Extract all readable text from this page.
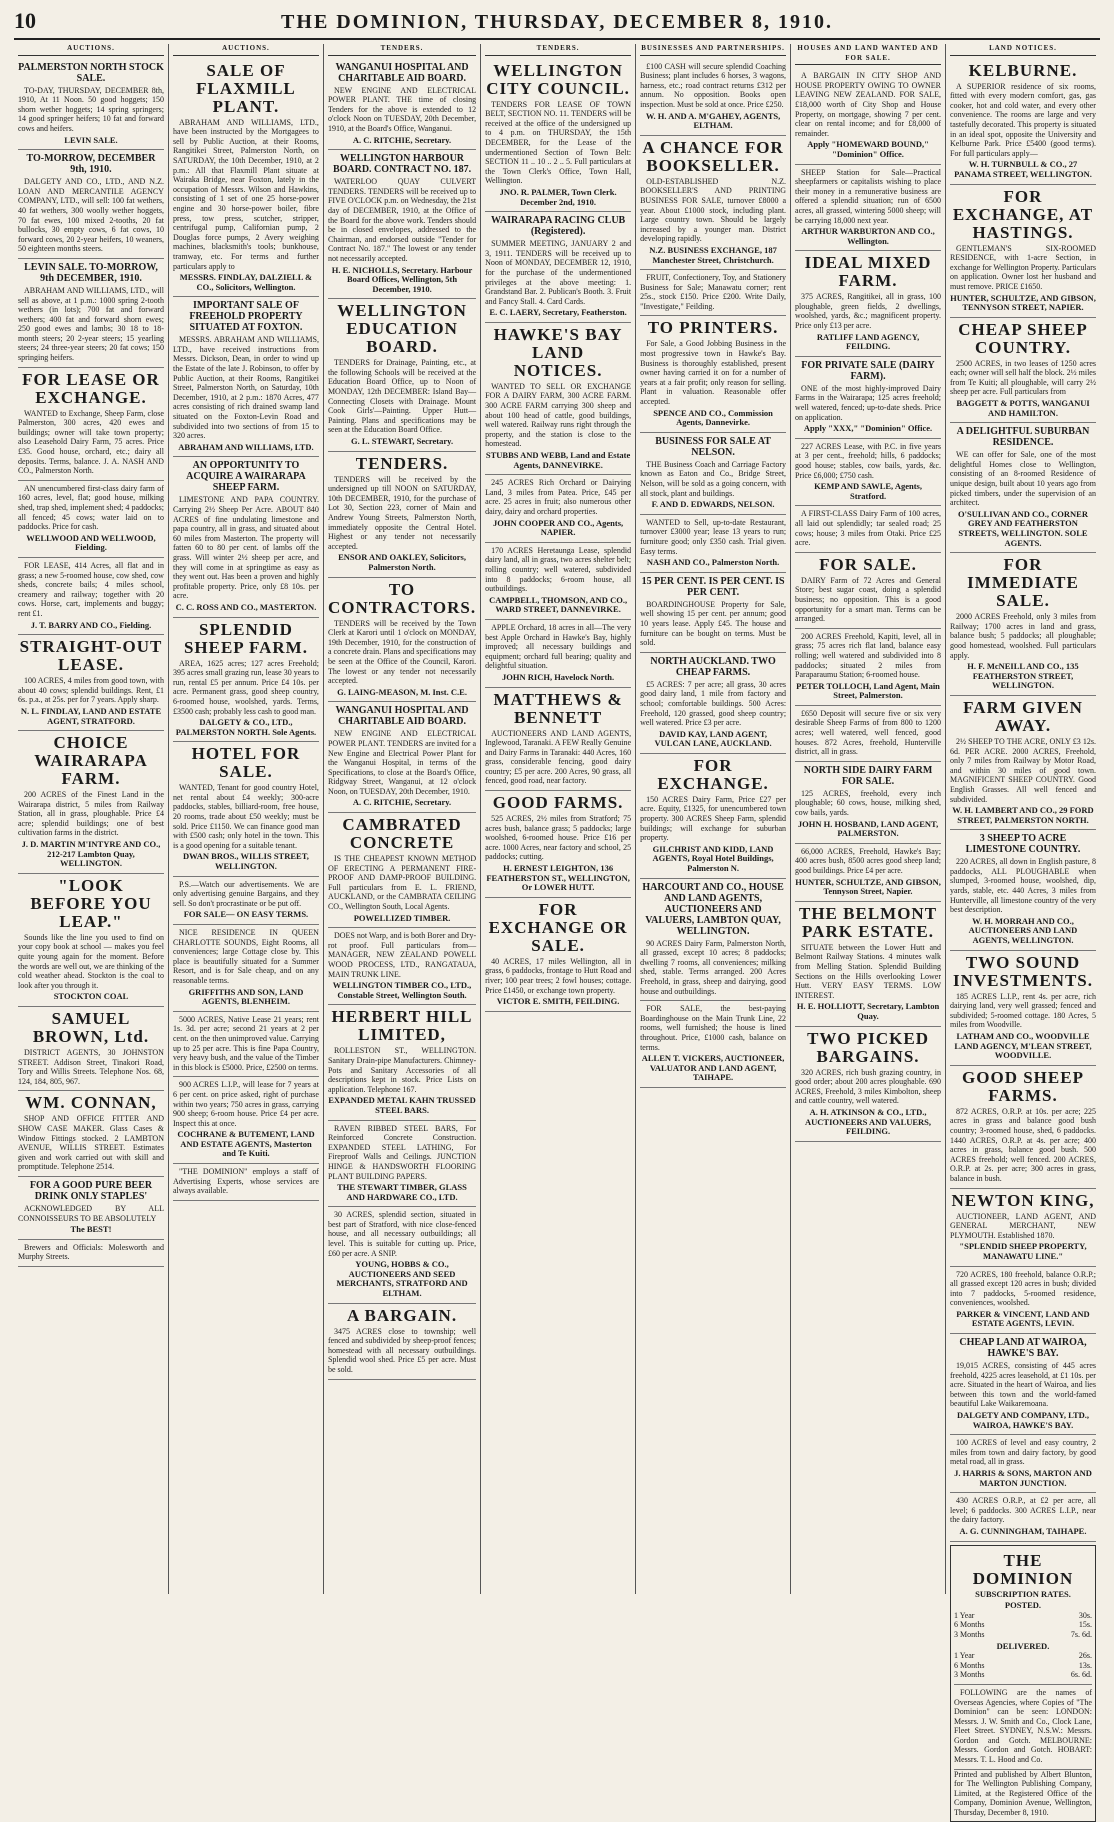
10	THE DOMINION, THURSDAY, DECEMBER 8, 1910.
AUCTIONS.
PALMERSTON NORTH STOCK SALE.
TO-DAY, THURSDAY, DECEMBER 8th, 1910, At 11 Noon. 50 good hoggets; 150 shorn wether hoggets; 14 spring springers; 14 good springer heifers; 10 fat and forward cows and heifers.
LEVIN SALE.
TO-MORROW, DECEMBER 9th, 1910.
DALGETY AND CO., LTD., AND N.Z. LOAN AND MERCANTILE AGENCY COMPANY, LTD., will sell: 100 fat wethers, 40 fat wethers, 300 woolly wether hoggets, 70 fat ewes, 100 mixed 2-tooths, 20 fat bullocks, 30 empty cows, 6 fat cows, 10 forward cows, 20 2-year heifers, 10 weaners, 50 eighteen months steers.
LEVIN SALE. TO-MORROW, 9th DECEMBER, 1910.
ABRAHAM AND WILLIAMS, LTD., will sell as above, at 1 p.m.: 1000 spring 2-tooth wethers (in lots); 700 fat and forward wethers; 400 fat and forward shorn ewes; 250 good ewes and lambs; 30 18 to 18-month steers; 20 2-year steers; 15 yearling steers; 24 three-year steers; 20 fat cows; 150 springing heifers.
FOR LEASE OR EXCHANGE.
WANTED to Exchange, Sheep Farm, close Palmerston, 300 acres, 420 ewes and buildings; owner will take town property; also Leasehold Dairy Farm, 75 acres. Price £35. Good house, orchard, etc.; dairy all deposits. Terms, balance. J. A. NASH AND CO., Palmerston North.
AN unencumbered first-class dairy farm of 160 acres, level, flat; good house, milking shed, trap shed, implement shed; 4 paddocks; all fenced; 45 cows; water laid on to paddocks. Price for cash.
WELLWOOD AND WELLWOOD, Fielding.
FOR LEASE, 414 Acres, all flat and in grass; a new 5-roomed house, cow shed, cow sheds, concrete bails; 4 miles school, creamery and railway; together with 20 cows. Horse, cart, implements and buggy; rent £1.
J. T. BARRY AND CO., Fielding.
STRAIGHT-OUT LEASE.
100 ACRES, 4 miles from good town, with about 40 cows; splendid buildings. Rent, £1 6s. p.a., at 25s. per for 7 years. Apply sharp.
N. L. FINDLAY, LAND AND ESTATE AGENT, STRATFORD.
CHOICE WAIRARAPA FARM.
200 ACRES of the Finest Land in the Wairarapa district, 5 miles from Railway Station, all in grass, ploughable. Price £4 acre; splendid buildings; one of best cultivation farms in the district.
J. D. MARTIN M'INTYRE AND CO., 212-217 Lambton Quay, WELLINGTON.
"LOOK BEFORE YOU LEAP."
Sounds like the line you used to find on your copy book at school — makes you feel quite young again for the moment. Before the words are well out, we are thinking of the cold weather ahead. Stockton is the coal to look after you through it.
STOCKTON COAL
SAMUEL BROWN, Ltd.
DISTRICT AGENTS, 30 JOHNSTON STREET. Addison Street, Tinakori Road, Tory and Willis Streets. Telephone Nos. 68, 124, 184, 805, 967.
WM. CONNAN,
SHOP AND OFFICE FITTER AND SHOW CASE MAKER. Glass Cases & Window Fittings stocked. 2 LAMBTON AVENUE, WILLIS STREET. Estimates given and work carried out with skill and promptitude. Telephone 2514.
FOR A GOOD PURE BEER DRINK ONLY STAPLES'
ACKNOWLEDGED BY ALL CONNOISSEURS TO BE ABSOLUTELY
The BEST!
Brewers and Officials: Molesworth and Murphy Streets.
AUCTIONS.
SALE OF FLAXMILL PLANT.
ABRAHAM AND WILLIAMS, LTD., have been instructed by the Mortgagees to sell by Public Auction, at their Rooms, Rangitikei Street, Palmerston North, on SATURDAY, the 10th December, 1910, at 2 p.m.: All that Flaxmill Plant situate at Wairaka Bridge, near Foxton, lately in the occupation of Messrs. Wilson and Hawkins, consisting of 1 set of one 25 horse-power engine and 30 horse-power boiler, fibre press, tow press, scutcher, stripper, centrifugal pump, Californian pump, 2 Douglas force pumps, 2 Avery weighing machines, blacksmith's tools; bunkhouse, tramway, etc. For terms and further particulars apply to
MESSRS. FINDLAY, DALZIELL & CO., Solicitors, Wellington.
IMPORTANT SALE OF FREEHOLD PROPERTY SITUATED AT FOXTON.
MESSRS. ABRAHAM AND WILLIAMS, LTD., have received instructions from Messrs. Dickson, Dean, in order to wind up the Estate of the late J. Robinson, to offer by Public Auction, at their Rooms, Rangitikei Street, Palmerston North, on Saturday, 10th December, 1910, at 2 p.m.: 1870 Acres, 477 acres consisting of rich drained swamp land situated on the Foxton-Levin Road and subdivided into two sections of from 15 to 320 acres.
ABRAHAM AND WILLIAMS, LTD.
AN OPPORTUNITY TO ACQUIRE A WAIRARAPA SHEEP FARM.
LIMESTONE AND PAPA COUNTRY. Carrying 2½ Sheep Per Acre. ABOUT 840 ACRES of fine undulating limestone and papa country, all in grass, and situated about 60 miles from Masterton. The property will fatten 60 to 80 per cent. of lambs off the grass. Will winter 2½ sheep per acre, and they will come in at springtime as easy as they went out. Has been a proven and highly profitable property. Price, only £8 10s. per acre.
C. C. ROSS AND CO., MASTERTON.
SPLENDID SHEEP FARM.
AREA, 1625 acres; 127 acres Freehold; 395 acres small grazing run, lease 30 years to run, rental £5 per annum. Price £4 10s. per acre. Permanent grass, good sheep country, 6-roomed house, woolshed, yards. Terms, £3500 cash; probably less cash to good man.
DALGETY & CO., LTD., PALMERSTON NORTH. Sole Agents.
HOTEL FOR SALE.
WANTED, Tenant for good country Hotel, net rental about £4 weekly; 300-acre paddocks, stables, billiard-room, free house, 20 rooms, trade about £50 weekly; must be sold. Price £1150. We can finance good man with £500 cash; only hotel in the town. This is a good opening for a suitable tenant.
DWAN BROS., WILLIS STREET, WELLINGTON.
P.S.—Watch our advertisements. We are only advertising genuine Bargains, and they sell. So don't procrastinate or be put off.
FOR SALE— ON EASY TERMS.
NICE RESIDENCE IN QUEEN CHARLOTTE SOUNDS, Eight Rooms, all conveniences; large Cottage close by. This place is beautifully situated for a Summer Resort, and is for Sale cheap, and on any reasonable terms.
GRIFFITHS AND SON, LAND AGENTS, BLENHEIM.
5000 ACRES, Native Lease 21 years; rent 1s. 3d. per acre; second 21 years at 2 per cent. on the then unimproved value. Carrying up to 25 per acre. This is fine Papa Country, very heavy bush, and the value of the Timber in this block is £5000. Price, £2500 on terms.
900 ACRES L.I.P., will lease for 7 years at 6 per cent. on price asked, right of purchase within two years; 750 acres in grass, carrying 900 sheep; 6-room house. Price £4 per acre. Inspect this at once.
COCHRANE & BUTEMENT, LAND AND ESTATE AGENTS, Masterton and Te Kuiti.
"THE DOMINION" employs a staff of Advertising Experts, whose services are always available.
TENDERS.
WANGANUI HOSPITAL AND CHARITABLE AID BOARD.
NEW ENGINE AND ELECTRICAL POWER PLANT. THE time of closing Tenders for the above is extended to 12 o'clock Noon on TUESDAY, 20th December, 1910, at the Board's Office, Wanganui.
A. C. RITCHIE, Secretary.
WELLINGTON HARBOUR BOARD. CONTRACT NO. 187.
WATERLOO QUAY CULVERT TENDERS. TENDERS will be received up to FIVE O'CLOCK p.m. on Wednesday, the 21st day of DECEMBER, 1910, at the Office of the Board for the above work. Tenders should be in closed envelopes, addressed to the Chairman, and endorsed outside "Tender for Contract No. 187." The lowest or any tender not necessarily accepted.
H. E. NICHOLLS, Secretary. Harbour Board Offices, Wellington, 5th December, 1910.
WELLINGTON EDUCATION BOARD.
TENDERS for Drainage, Painting, etc., at the following Schools will be received at the Education Board Office, up to Noon of MONDAY, 12th DECEMBER: Island Bay—Connecting Closets with Drainage. Mount Cook Girls'—Painting. Upper Hutt—Painting. Plans and specifications may be seen at the Education Board Office.
G. L. STEWART, Secretary.
TENDERS.
TENDERS will be received by the undersigned up till NOON on SATURDAY, 10th DECEMBER, 1910, for the purchase of Lot 30, Section 223, corner of Main and Andrew Young Streets, Palmerston North, immediately opposite the Central Hotel. Highest or any tender not necessarily accepted.
ENSOR AND OAKLEY, Solicitors, Palmerston North.
TO CONTRACTORS.
TENDERS will be received by the Town Clerk at Karori until 1 o'clock on MONDAY, 19th December, 1910, for the construction of a concrete drain. Plans and specifications may be seen at the Office of the Council, Karori. The lowest or any tender not necessarily accepted.
G. LAING-MEASON, M. Inst. C.E.
WANGANUI HOSPITAL AND CHARITABLE AID BOARD.
NEW ENGINE AND ELECTRICAL POWER PLANT. TENDERS are invited for a New Engine and Electrical Power Plant for the Wanganui Hospital, in terms of the Specifications, to close at the Board's Office, Ridgway Street, Wanganui, at 12 o'clock Noon, on TUESDAY, 20th December, 1910.
A. C. RITCHIE, Secretary.
CAMBRATED CONCRETE
IS THE CHEAPEST KNOWN METHOD OF ERECTING A PERMANENT FIRE-PROOF AND DAMP-PROOF BUILDING. Full particulars from E. L. FRIEND, AUCKLAND, or the CAMBRATA CEILING CO., Wellington South, Local Agents.
POWELLIZED TIMBER.
DOES not Warp, and is both Borer and Dry-rot proof. Full particulars from— MANAGER, NEW ZEALAND POWELL WOOD PROCESS, LTD., RANGATAUA, MAIN TRUNK LINE.
WELLINGTON TIMBER CO., LTD., Constable Street, Wellington South.
HERBERT HILL LIMITED,
ROLLESTON ST., WELLINGTON. Sanitary Drain-pipe Manufacturers. Chimney-Pots and Sanitary Accessories of all descriptions kept in stock. Price Lists on application. Telephone 167.
EXPANDED METAL KAHN TRUSSED STEEL BARS.
RAVEN RIBBED STEEL BARS, For Reinforced Concrete Construction. EXPANDED STEEL LATHING, For Fireproof Walls and Ceilings. JUNCTION HINGE & HANDSWORTH FLOORING PLANT BUILDING PAPERS.
THE STEWART TIMBER, GLASS AND HARDWARE CO., LTD.
30 ACRES, splendid section, situated in best part of Stratford, with nice close-fenced house, and all necessary outbuildings; all level. This is suitable for cutting up. Price, £60 per acre. A SNIP.
YOUNG, HOBBS & CO., AUCTIONEERS AND SEED MERCHANTS, STRATFORD AND ELTHAM.
A BARGAIN.
3475 ACRES close to township; well fenced and subdivided by sheep-proof fences; homestead with all necessary outbuildings. Splendid wool shed. Price £5 per acre. Must be sold.
TENDERS.
WELLINGTON CITY COUNCIL.
TENDERS FOR LEASE OF TOWN BELT, SECTION NO. 11. TENDERS will be received at the office of the undersigned up to 4 p.m. on THURSDAY, the 15th DECEMBER, for the Lease of the undermentioned Section of Town Belt: SECTION 11 .. 10 .. 2 .. 5. Full particulars at the Town Clerk's Office, Town Hall, Wellington.
JNO. R. PALMER, Town Clerk. December 2nd, 1910.
WAIRARAPA RACING CLUB (Registered).
SUMMER MEETING, JANUARY 2 and 3, 1911. TENDERS will be received up to Noon of MONDAY, DECEMBER 12, 1910, for the purchase of the undermentioned privileges at the above meeting: 1. Grandstand Bar. 2. Publican's Booth. 3. Fruit and Fancy Stall. 4. Card Cards.
E. C. LAERY, Secretary, Featherston.
HAWKE'S BAY LAND NOTICES.
WANTED TO SELL OR EXCHANGE FOR A DAIRY FARM, 300 ACRE FARM. 300 ACRE FARM carrying 300 sheep and about 100 head of cattle, good buildings, well watered. Railway runs right through the property, and the station is close to the homestead.
STUBBS AND WEBB, Land and Estate Agents, DANNEVIRKE.
245 ACRES Rich Orchard or Dairying Land, 3 miles from Patea. Price, £45 per acre. 25 acres in fruit; also numerous other dairy, dairy and orchard properties.
JOHN COOPER AND CO., Agents, NAPIER.
170 ACRES Heretaunga Lease, splendid dairy land, all in grass, two acres shelter belt; rolling country; well watered, subdivided into 8 paddocks; 6-room house, all outbuildings.
CAMPBELL, THOMSON, AND CO., WARD STREET, DANNEVIRKE.
APPLE Orchard, 18 acres in all—The very best Apple Orchard in Hawke's Bay, highly improved; all necessary buildings and equipment; orchard full bearing; quality and delightful situation.
JOHN RICH, Havelock North.
MATTHEWS & BENNETT
AUCTIONEERS AND LAND AGENTS, Inglewood, Taranaki. A FEW Really Genuine and Dairy Farms in Taranaki: 440 Acres, 160 grass, considerable fencing, good dairy country; £5 per acre. 200 Acres, 90 grass, all fenced, good road, near factory.
GOOD FARMS.
525 ACRES, 2½ miles from Stratford; 75 acres bush, balance grass; 5 paddocks; large woolshed, 6-roomed house. Price £16 per acre. 1000 Acres, near factory and school, 25 paddocks; cutting.
H. ERNEST LEIGHTON, 136 FEATHERSTON ST., WELLINGTON, Or LOWER HUTT.
FOR EXCHANGE OR SALE.
40 ACRES, 17 miles Wellington, all in grass, 6 paddocks, frontage to Hutt Road and river; 100 pear trees; 2 fowl houses; cottage. Price £1450, or exchange town property.
VICTOR E. SMITH, FEILDING.
BUSINESSES AND PARTNERSHIPS.
£100 CASH will secure splendid Coaching Business; plant includes 6 horses, 3 wagons, harness, etc.; road contract returns £312 per annum. No opposition. Books open inspection. Must be sold at once. Price £250.
W. H. AND A. M'GAHEY, AGENTS, ELTHAM.
A CHANCE FOR BOOKSELLER.
OLD-ESTABLISHED N.Z. BOOKSELLER'S AND PRINTING BUSINESS FOR SALE, turnover £8000 a year. About £1000 stock, including plant. Large country town. Should be largely increased by a younger man. District developing rapidly.
N.Z. BUSINESS EXCHANGE, 187 Manchester Street, Christchurch.
FRUIT, Confectionery, Toy, and Stationery Business for Sale; Manawatu corner; rent 25s., stock £150. Price £200. Write Daily, "Investigate," Feilding.
TO PRINTERS.
For Sale, a Good Jobbing Business in the most progressive town in Hawke's Bay. Business is thoroughly established, present owner having carried it on for a number of years at a fair profit; only reason for selling. Plant in valuation. Reasonable offer accepted.
SPENCE AND CO., Commission Agents, Dannevirke.
BUSINESS FOR SALE AT NELSON.
THE Business Coach and Carriage Factory known as Eaton and Co., Bridge Street, Nelson, will be sold as a going concern, with all stock, plant and buildings.
F. AND D. EDWARDS, NELSON.
WANTED to Sell, up-to-date Restaurant, turnover £3000 year; lease 13 years to run; furniture good; only £350 cash. Trial given. Easy terms.
NASH AND CO., Palmerston North.
15 PER CENT. IS PER CENT. IS PER CENT.
BOARDINGHOUSE Property for Sale, well showing 15 per cent. per annum; good 10 years lease. Apply £45. The house and furniture can be bought on terms. Must be sold.
NORTH AUCKLAND. TWO CHEAP FARMS.
£5 ACRES: 7 per acre; all grass, 30 acres good dairy land, 1 mile from factory and school; comfortable buildings. 500 Acres: Freehold, 120 grassed, good sheep country; well watered. Price £3 per acre.
DAVID KAY, LAND AGENT, VULCAN LANE, AUCKLAND.
FOR EXCHANGE.
150 ACRES Dairy Farm, Price £27 per acre. Equity, £1325, for unencumbered town property. 300 ACRES Sheep Farm, splendid buildings; will exchange for suburban property.
GILCHRIST AND KIDD, LAND AGENTS, Royal Hotel Buildings, Palmerston N.
HARCOURT AND CO., HOUSE AND LAND AGENTS, AUCTIONEERS AND VALUERS, LAMBTON QUAY, WELLINGTON.
90 ACRES Dairy Farm, Palmerston North, all grassed, except 10 acres; 8 paddocks; dwelling 7 rooms, all conveniences; milking shed, stable. Terms arranged. 200 Acres Freehold, in grass, sheep and dairying, good house and outbuildings.
FOR SALE, the best-paying Boardinghouse on the Main Trunk Line, 22 rooms, well furnished; the house is lined throughout. Price, £1000 cash, balance on terms.
ALLEN T. VICKERS, AUCTIONEER, VALUATOR AND LAND AGENT, TAIHAPE.
HOUSES AND LAND WANTED AND FOR SALE.
A BARGAIN IN CITY SHOP AND HOUSE PROPERTY OWING TO OWNER LEAVING NEW ZEALAND. FOR SALE, £18,000 worth of City Shop and House Property, on mortgage, showing 7 per cent. clear on rental income; and for £8,000 of remainder.
Apply "HOMEWARD BOUND," "Dominion" Office.
SHEEP Station for Sale—Practical sheepfarmers or capitalists wishing to place their money in a remunerative business are offered a splendid situation; run of 6500 acres, all grassed, wintering 5000 sheep; will be carrying 18,000 next year.
ARTHUR WARBURTON AND CO., Wellington.
IDEAL MIXED FARM.
375 ACRES, Rangitikei, all in grass, 100 ploughable, green fields, 2 dwellings, woolshed, yards, &c.; magnificent property. Price only £13 per acre.
RATLIFF LAND AGENCY, FEILDING.
FOR PRIVATE SALE (DAIRY FARM).
ONE of the most highly-improved Dairy Farms in the Wairarapa; 125 acres freehold; well watered, fenced; up-to-date sheds. Price on application.
Apply "XXX," "Dominion" Office.
227 ACRES Lease, with P.C. in five years at 3 per cent., freehold; hills, 6 paddocks; good house; stables, cow bails, yards, &c. Price £6,000; £750 cash.
KEMP AND SAWLE, Agents, Stratford.
A FIRST-CLASS Dairy Farm of 100 acres, all laid out splendidly; tar sealed road; 25 cows; house; 3 miles from Otaki. Price £25 acre.
FOR SALE.
DAIRY Farm of 72 Acres and General Store; best sugar coast, doing a splendid business; no opposition. This is a good opportunity for a smart man. Terms can be arranged.
200 ACRES Freehold, Kapiti, level, all in grass; 75 acres rich flat land, balance easy rolling; well watered and subdivided into 8 paddocks; situated 2 miles from Paraparaumu Station; 6-roomed house.
PETER TOLLOCH, Land Agent, Main Street, Palmerston.
£650 Deposit will secure five or six very desirable Sheep Farms of from 800 to 1200 acres; well watered, well fenced, good houses. 872 Acres, freehold, Hunterville district, all in grass.
NORTH SIDE DAIRY FARM FOR SALE.
125 ACRES, freehold, every inch ploughable; 60 cows, house, milking shed, cow bails, yards.
JOHN H. HOSBAND, LAND AGENT, PALMERSTON.
66,000 ACRES, Freehold, Hawke's Bay; 400 acres bush, 8500 acres good sheep land; good buildings. Price £4 per acre.
HUNTER, SCHULTZE, AND GIBSON, Tennyson Street, Napier.
THE BELMONT PARK ESTATE.
SITUATE between the Lower Hutt and Belmont Railway Stations. 4 minutes walk from Melling Station. Splendid Building Sections on the Hills overlooking Lower Hutt. VERY EASY TERMS. LOW INTEREST.
H. E. HOLLIOTT, Secretary, Lambton Quay.
TWO PICKED BARGAINS.
320 ACRES, rich bush grazing country, in good order; about 200 acres ploughable. 690 ACRES, Freehold, 3 miles Kimbolton, sheep and cattle country, well watered.
A. H. ATKINSON & CO., LTD., AUCTIONEERS AND VALUERS, FEILDING.
LAND NOTICES.
KELBURNE.
A SUPERIOR residence of six rooms, fitted with every modern comfort, gas, gas cooker, hot and cold water, and every other convenience. The rooms are large and very tastefully decorated. This property is situated in an ideal spot, opposite the University and Kelburne Park. Price £5400 (good terms). For full particulars apply—
W. H. TURNBULL & CO., 27 PANAMA STREET, WELLINGTON.
FOR EXCHANGE, AT HASTINGS.
GENTLEMAN'S SIX-ROOMED RESIDENCE, with 1-acre Section, in exchange for Wellington Property. Particulars on application. Owner lost her husband and must remove. PRICE £1650.
HUNTER, SCHULTZE, AND GIBSON, TENNYSON STREET, NAPIER.
CHEAP SHEEP COUNTRY.
2500 ACRES, in two leases of 1250 acres each; owner will sell half the block. 2½ miles from Te Kuiti; all ploughable, will carry 2½ sheep per acre. Full particulars from
BAGGETT & POTTS, WANGANUI AND HAMILTON.
A DELIGHTFUL SUBURBAN RESIDENCE.
WE can offer for Sale, one of the most delightful Homes close to Wellington, consisting of an 8-roomed Residence of unique design, built about 10 years ago from picked timbers, under the supervision of an architect.
O'SULLIVAN AND CO., CORNER GREY AND FEATHERSTON STREETS, WELLINGTON. SOLE AGENTS.
FOR IMMEDIATE SALE.
2000 ACRES Freehold, only 3 miles from Railway; 1700 acres in land and grass, balance bush; 5 paddocks; all ploughable; good homestead, woolshed. Full particulars apply.
H. F. McNEILL AND CO., 135 FEATHERSTON STREET, WELLINGTON.
FARM GIVEN AWAY.
2½ SHEEP TO THE ACRE, ONLY £3 12s. 6d. PER ACRE. 2000 ACRES, Freehold, only 7 miles from Railway by Motor Road, and within 30 miles of good town. MAGNIFICENT SHEEP COUNTRY. Good English Grasses. All well fenced and subdivided.
W. H. LAMBERT AND CO., 29 FORD STREET, PALMERSTON NORTH.
3 SHEEP TO ACRE LIMESTONE COUNTRY.
220 ACRES, all down in English pasture, 8 paddocks, ALL PLOUGHABLE when slumped, 3-roomed house, woolshed, dip, yards, stable, etc. 440 Acres, 3 miles from Hunterville, all limestone country of the very best description.
W. H. MORRAH AND CO., AUCTIONEERS AND LAND AGENTS, WELLINGTON.
TWO SOUND INVESTMENTS.
185 ACRES L.I.P., rent 4s. per acre, rich dairying land, very well grassed; fenced and subdivided; 5-roomed cottage. 180 Acres, 5 miles from Woodville.
LATHAM AND CO., WOODVILLE LAND AGENCY, M'LEAN STREET, WOODVILLE.
GOOD SHEEP FARMS.
872 ACRES, O.R.P. at 10s. per acre; 225 acres in grass and balance good bush country; 3-roomed house, shed, 6 paddocks. 1440 ACRES, O.R.P. at 4s. per acre; 400 acres in grass, balance good bush. 500 ACRES freehold; well fenced. 200 ACRES, O.R.P. at 2s. per acre; 300 acres in grass, balance in bush.
NEWTON KING,
AUCTIONEER, LAND AGENT, AND GENERAL MERCHANT, NEW PLYMOUTH. Established 1870.
"SPLENDID SHEEP PROPERTY, MANAWATU LINE."
720 ACRES, 180 freehold, balance O.R.P.; all grassed except 120 acres in bush; divided into 7 paddocks, 5-roomed residence, conveniences, woolshed.
PARKER & VINCENT, LAND AND ESTATE AGENTS, LEVIN.
CHEAP LAND AT WAIROA, HAWKE'S BAY.
19,015 ACRES, consisting of 445 acres freehold, 4225 acres leasehold, at £1 10s. per acre. Situated in the heart of Wairoa, and lies between this town and the world-famed beautiful Lake Waikaremoana.
DALGETY AND COMPANY, LTD., WAIROA, HAWKE'S BAY.
100 ACRES of level and easy country, 2 miles from town and dairy factory, by good metal road, all in grass.
J. HARRIS & SONS, MARTON AND MARTON JUNCTION.
430 ACRES O.R.P., at £2 per acre, all level; 6 paddocks. 300 ACRES L.I.P., near the dairy factory.
A. G. CUNNINGHAM, TAIHAPE.
THE DOMINION
SUBSCRIPTION RATES.
POSTED.
1 Year	30s.
6 Months	15s.
3 Months	7s. 6d.
DELIVERED.
1 Year	26s.
6 Months	13s.
3 Months	6s. 6d.
FOLLOWING are the names of Overseas Agencies, where Copies of "The Dominion" can be seen: LONDON: Messrs. J. W. Smith and Co., Clock Lane, Fleet Street. SYDNEY, N.S.W.: Messrs. Gordon and Gotch. MELBOURNE: Messrs. Gordon and Gotch. HOBART: Messrs. T. L. Hood and Co.
Printed and published by Albert Blunton, for The Wellington Publishing Company, Limited, at the Registered Office of the Company, Dominion Avenue, Wellington, Thursday, December 8, 1910.
